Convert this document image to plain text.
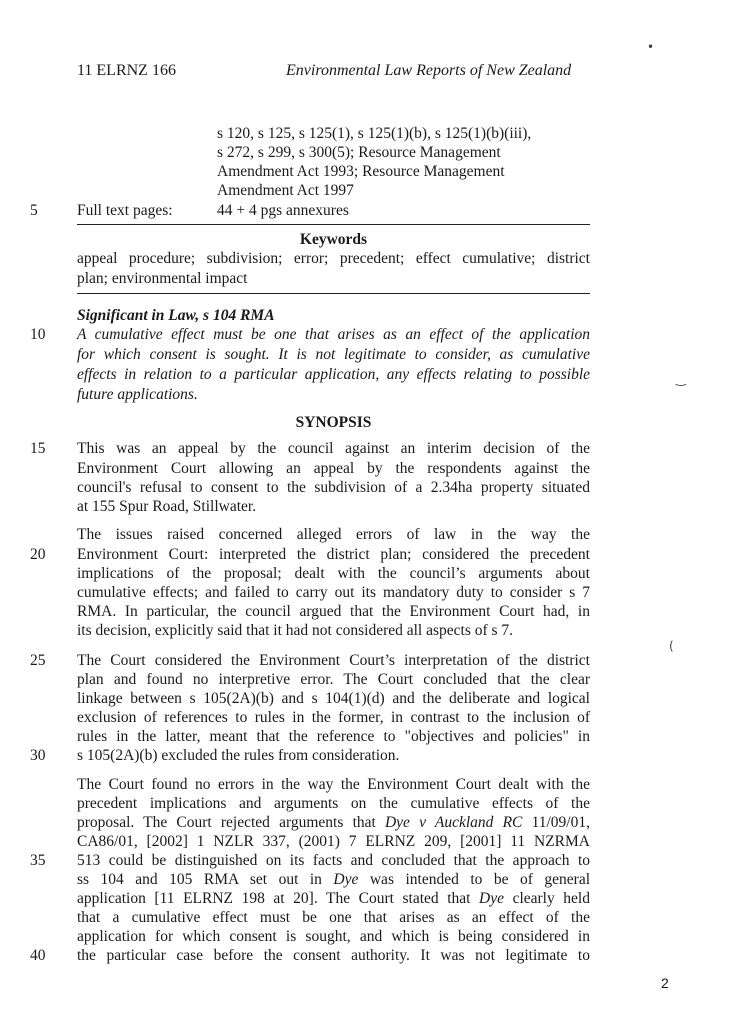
11 ELRNZ 166	Environmental Law Reports of New Zealand
s 120, s 125, s 125(1), s 125(1)(b), s 125(1)(b)(iii),
s 272, s 299, s 300(5); Resource Management
Amendment Act 1993; Resource Management
Amendment Act 1997
5	Full text pages:	44 + 4 pgs annexures
Keywords
appeal procedure; subdivision; error; precedent; effect cumulative; district
plan; environmental impact
Significant in Law, s 104 RMA
10 A cumulative effect must be one that arises as an effect of the application
for which consent is sought. It is not legitimate to consider, as cumulative
effects in relation to a particular application, any effects relating to possible
future applications.
SYNOPSIS
15 This was an appeal by the council against an interim decision of the
Environment Court allowing an appeal by the respondents against the
council's refusal to consent to the subdivision of a 2.34ha property situated
at 155 Spur Road, Stillwater.
The issues raised concerned alleged errors of law in the way the
20 Environment Court: interpreted the district plan; considered the precedent
implications of the proposal; dealt with the council’s arguments about
cumulative effects; and failed to carry out its mandatory duty to consider s 7
RMA. In particular, the council argued that the Environment Court had, in
its decision, explicitly said that it had not considered all aspects of s 7.
25 The Court considered the Environment Court’s interpretation of the district
plan and found no interpretive error. The Court concluded that the clear
linkage between s 105(2A)(b) and s 104(1)(d) and the deliberate and logical
exclusion of references to rules in the former, in contrast to the inclusion of
rules in the latter, meant that the reference to "objectives and policies" in
30 s 105(2A)(b) excluded the rules from consideration.
The Court found no errors in the way the Environment Court dealt with the
precedent implications and arguments on the cumulative effects of the
proposal. The Court rejected arguments that Dye v Auckland RC 11/09/01,
CA86/01, [2002] 1 NZLR 337, (2001) 7 ELRNZ 209, [2001] 11 NZRMA
35 513 could be distinguished on its facts and concluded that the approach to
ss 104 and 105 RMA set out in Dye was intended to be of general
application [11 ELRNZ 198 at 20]. The Court stated that Dye clearly held
that a cumulative effect must be one that arises as an effect of the
application for which consent is sought, and which is being considered in
40 the particular case before the consent authority. It was not legitimate to
2
•
‿
(
